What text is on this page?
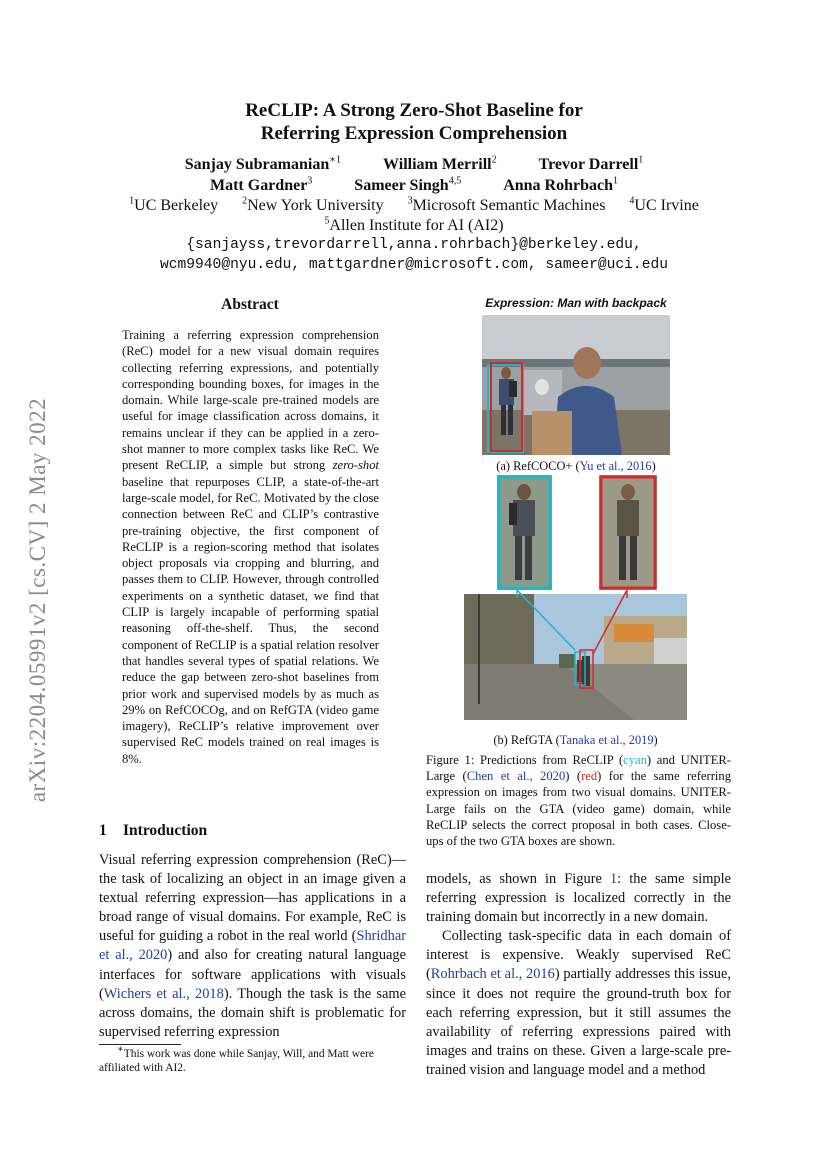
arXiv:2204.05991v2 [cs.CV] 2 May 2022
ReCLIP: A Strong Zero-Shot Baseline for
Referring Expression Comprehension
Sanjay Subramanian$^{∗1}$	William Merrill$^2$	Trevor Darrell$^1$
Matt Gardner$^3$	Sameer Singh$^{4,5}$	Anna Rohrbach$^1$
$^1$UC Berkeley $^2$New York University $^3$Microsoft Semantic Machines $^4$UC Irvine
$^5$Allen Institute for AI (AI2)
{sanjayss,trevordarrell,anna.rohrbach}@berkeley.edu,
wcm9940@nyu.edu, mattgardner@microsoft.com, sameer@uci.edu
Abstract
Training a referring expression comprehension (ReC) model for a new visual domain requires collecting referring expressions, and potentially corresponding bounding boxes, for images in the domain. While large-scale pre-trained models are useful for image classification across domains, it remains unclear if they can be applied in a zero-shot manner to more complex tasks like ReC. We present ReCLIP, a simple but strong zero-shot baseline that repurposes CLIP, a state-of-the-art large-scale model, for ReC. Motivated by the close connection between ReC and CLIP’s contrastive pre-training objective, the first component of ReCLIP is a region-scoring method that isolates object proposals via cropping and blurring, and passes them to CLIP. However, through controlled experiments on a synthetic dataset, we find that CLIP is largely incapable of performing spatial reasoning off-the-shelf. Thus, the second component of ReCLIP is a spatial relation resolver that handles several types of spatial relations. We reduce the gap between zero-shot baselines from prior work and supervised models by as much as 29% on RefCOCOg, and on RefGTA (video game imagery), ReCLIP’s relative improvement over supervised ReC models trained on real images is 8%.
1 Introduction
Visual referring expression comprehension (ReC)—the task of localizing an object in an image given a textual referring expression—has applications in a broad range of visual domains. For example, ReC is useful for guiding a robot in the real world (Shridhar et al., 2020) and also for creating natural language interfaces for software applications with visuals (Wichers et al., 2018). Though the task is the same across domains, the domain shift is problematic for supervised referring expression
∗This work was done while Sanjay, Will, and Matt were affiliated with AI2.

models, as shown in Figure 1: the same simple referring expression is localized correctly in the training domain but incorrectly in a new domain.

Collecting task-specific data in each domain of interest is expensive. Weakly supervised ReC (Rohrbach et al., 2016) partially addresses this issue, since it does not require the ground-truth box for each referring expression, but it still assumes the availability of referring expressions paired with images and trains on these. Given a large-scale pre-trained vision and language model and a method

Expression: Man with backpack
(a) RefCOCO+ (Yu et al., 2016)
(b) RefGTA (Tanaka et al., 2019)
Figure 1: Predictions from ReCLIP (cyan) and UNITER-Large (Chen et al., 2020) (red) for the same referring expression on images from two visual domains. UNITER-Large fails on the GTA (video game) domain, while ReCLIP selects the correct proposal in both cases. Close-ups of the two GTA boxes are shown.
